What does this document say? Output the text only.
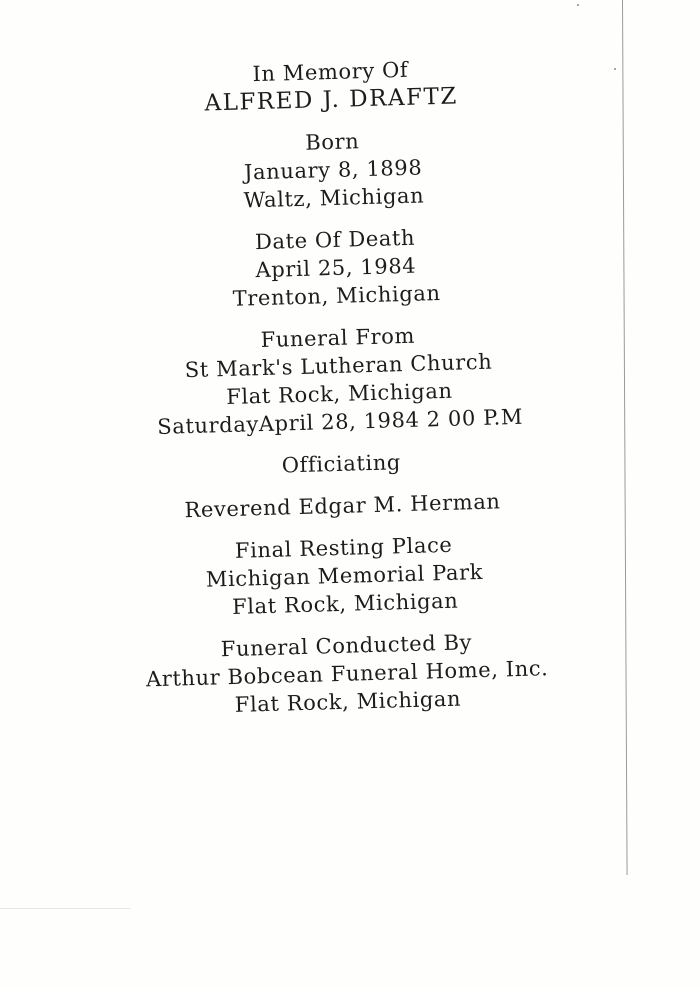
In Memory Of
ALFRED J. DRAFTZ
Born
January 8, 1898
Waltz, Michigan
Date Of Death
April 25, 1984
Trenton, Michigan
Funeral From
St Mark's Lutheran Church
Flat Rock, Michigan
SaturdayApril 28, 1984 2 00 P.M
Officiating
Reverend Edgar M. Herman
Final Resting Place
Michigan Memorial Park
Flat Rock, Michigan
Funeral Conducted By
Arthur Bobcean Funeral Home, Inc.
Flat Rock, Michigan
